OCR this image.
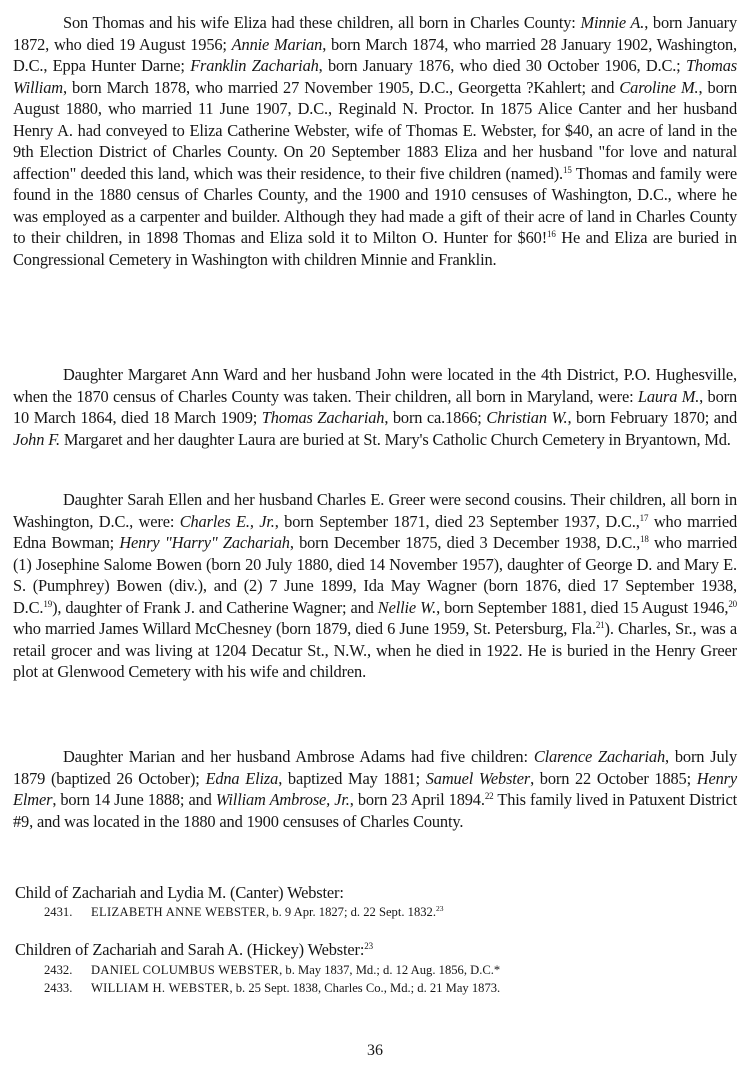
Son Thomas and his wife Eliza had these children, all born in Charles County: Minnie A., born January 1872, who died 19 August 1956; Annie Marian, born March 1874, who married 28 January 1902, Washington, D.C., Eppa Hunter Darne; Franklin Zachariah, born January 1876, who died 30 October 1906, D.C.; Thomas William, born March 1878, who married 27 November 1905, D.C., Georgetta ?Kahlert; and Caroline M., born August 1880, who married 11 June 1907, D.C., Reginald N. Proctor. In 1875 Alice Canter and her husband Henry A. had conveyed to Eliza Catherine Webster, wife of Thomas E. Webster, for $40, an acre of land in the 9th Election District of Charles County. On 20 September 1883 Eliza and her husband "for love and natural affection" deeded this land, which was their residence, to their five children (named).$^{15}$ Thomas and family were found in the 1880 census of Charles County, and the 1900 and 1910 censuses of Washington, D.C., where he was employed as a carpenter and builder. Although they had made a gift of their acre of land in Charles County to their children, in 1898 Thomas and Eliza sold it to Milton O. Hunter for $60!$^{16}$ He and Eliza are buried in Congressional Cemetery in Washington with children Minnie and Franklin.

Daughter Margaret Ann Ward and her husband John were located in the 4th District, P.O. Hughesville, when the 1870 census of Charles County was taken. Their children, all born in Maryland, were: Laura M., born 10 March 1864, died 18 March 1909; Thomas Zachariah, born ca.1866; Christian W., born February 1870; and John F. Margaret and her daughter Laura are buried at St. Mary's Catholic Church Cemetery in Bryantown, Md.

Daughter Sarah Ellen and her husband Charles E. Greer were second cousins. Their children, all born in Washington, D.C., were: Charles E., Jr., born September 1871, died 23 September 1937, D.C.,$^{17}$ who married Edna Bowman; Henry "Harry" Zachariah, born December 1875, died 3 December 1938, D.C.,$^{18}$ who married (1) Josephine Salome Bowen (born 20 July 1880, died 14 November 1957), daughter of George D. and Mary E. S. (Pumphrey) Bowen (div.), and (2) 7 June 1899, Ida May Wagner (born 1876, died 17 September 1938, D.C.$^{19}$), daughter of Frank J. and Catherine Wagner; and Nellie W., born September 1881, died 15 August 1946,20 who married James Willard McChesney (born 1879, died 6 June 1959, St. Petersburg, Fla.$^{21}$). Charles, Sr., was a retail grocer and was living at 1204 Decatur St., N.W., when he died in 1922. He is buried in the Henry Greer plot at Glenwood Cemetery with his wife and children.

Daughter Marian and her husband Ambrose Adams had five children: Clarence Zachariah, born July 1879 (baptized 26 October); Edna Eliza, baptized May 1881; Samuel Webster, born 22 October 1885; Henry Elmer, born 14 June 1888; and William Ambrose, Jr., born 23 April 1894.22 This family lived in Patuxent District #9, and was located in the 1880 and 1900 censuses of Charles County.

Child of Zachariah and Lydia M. (Canter) Webster:

2431. ELIZABETH ANNE WEBSTER, b. 9 Apr. 1827; d. 22 Sept. 1832.23

Children of Zachariah and Sarah A. (Hickey) Webster:$^{23}$

2432. DANIEL COLUMBUS WEBSTER, b. May 1837, Md.; d. 12 Aug. 1856, D.C.*

2433. WILLIAM H. WEBSTER, b. 25 Sept. 1838, Charles Co., Md.; d. 21 May 1873.

36
